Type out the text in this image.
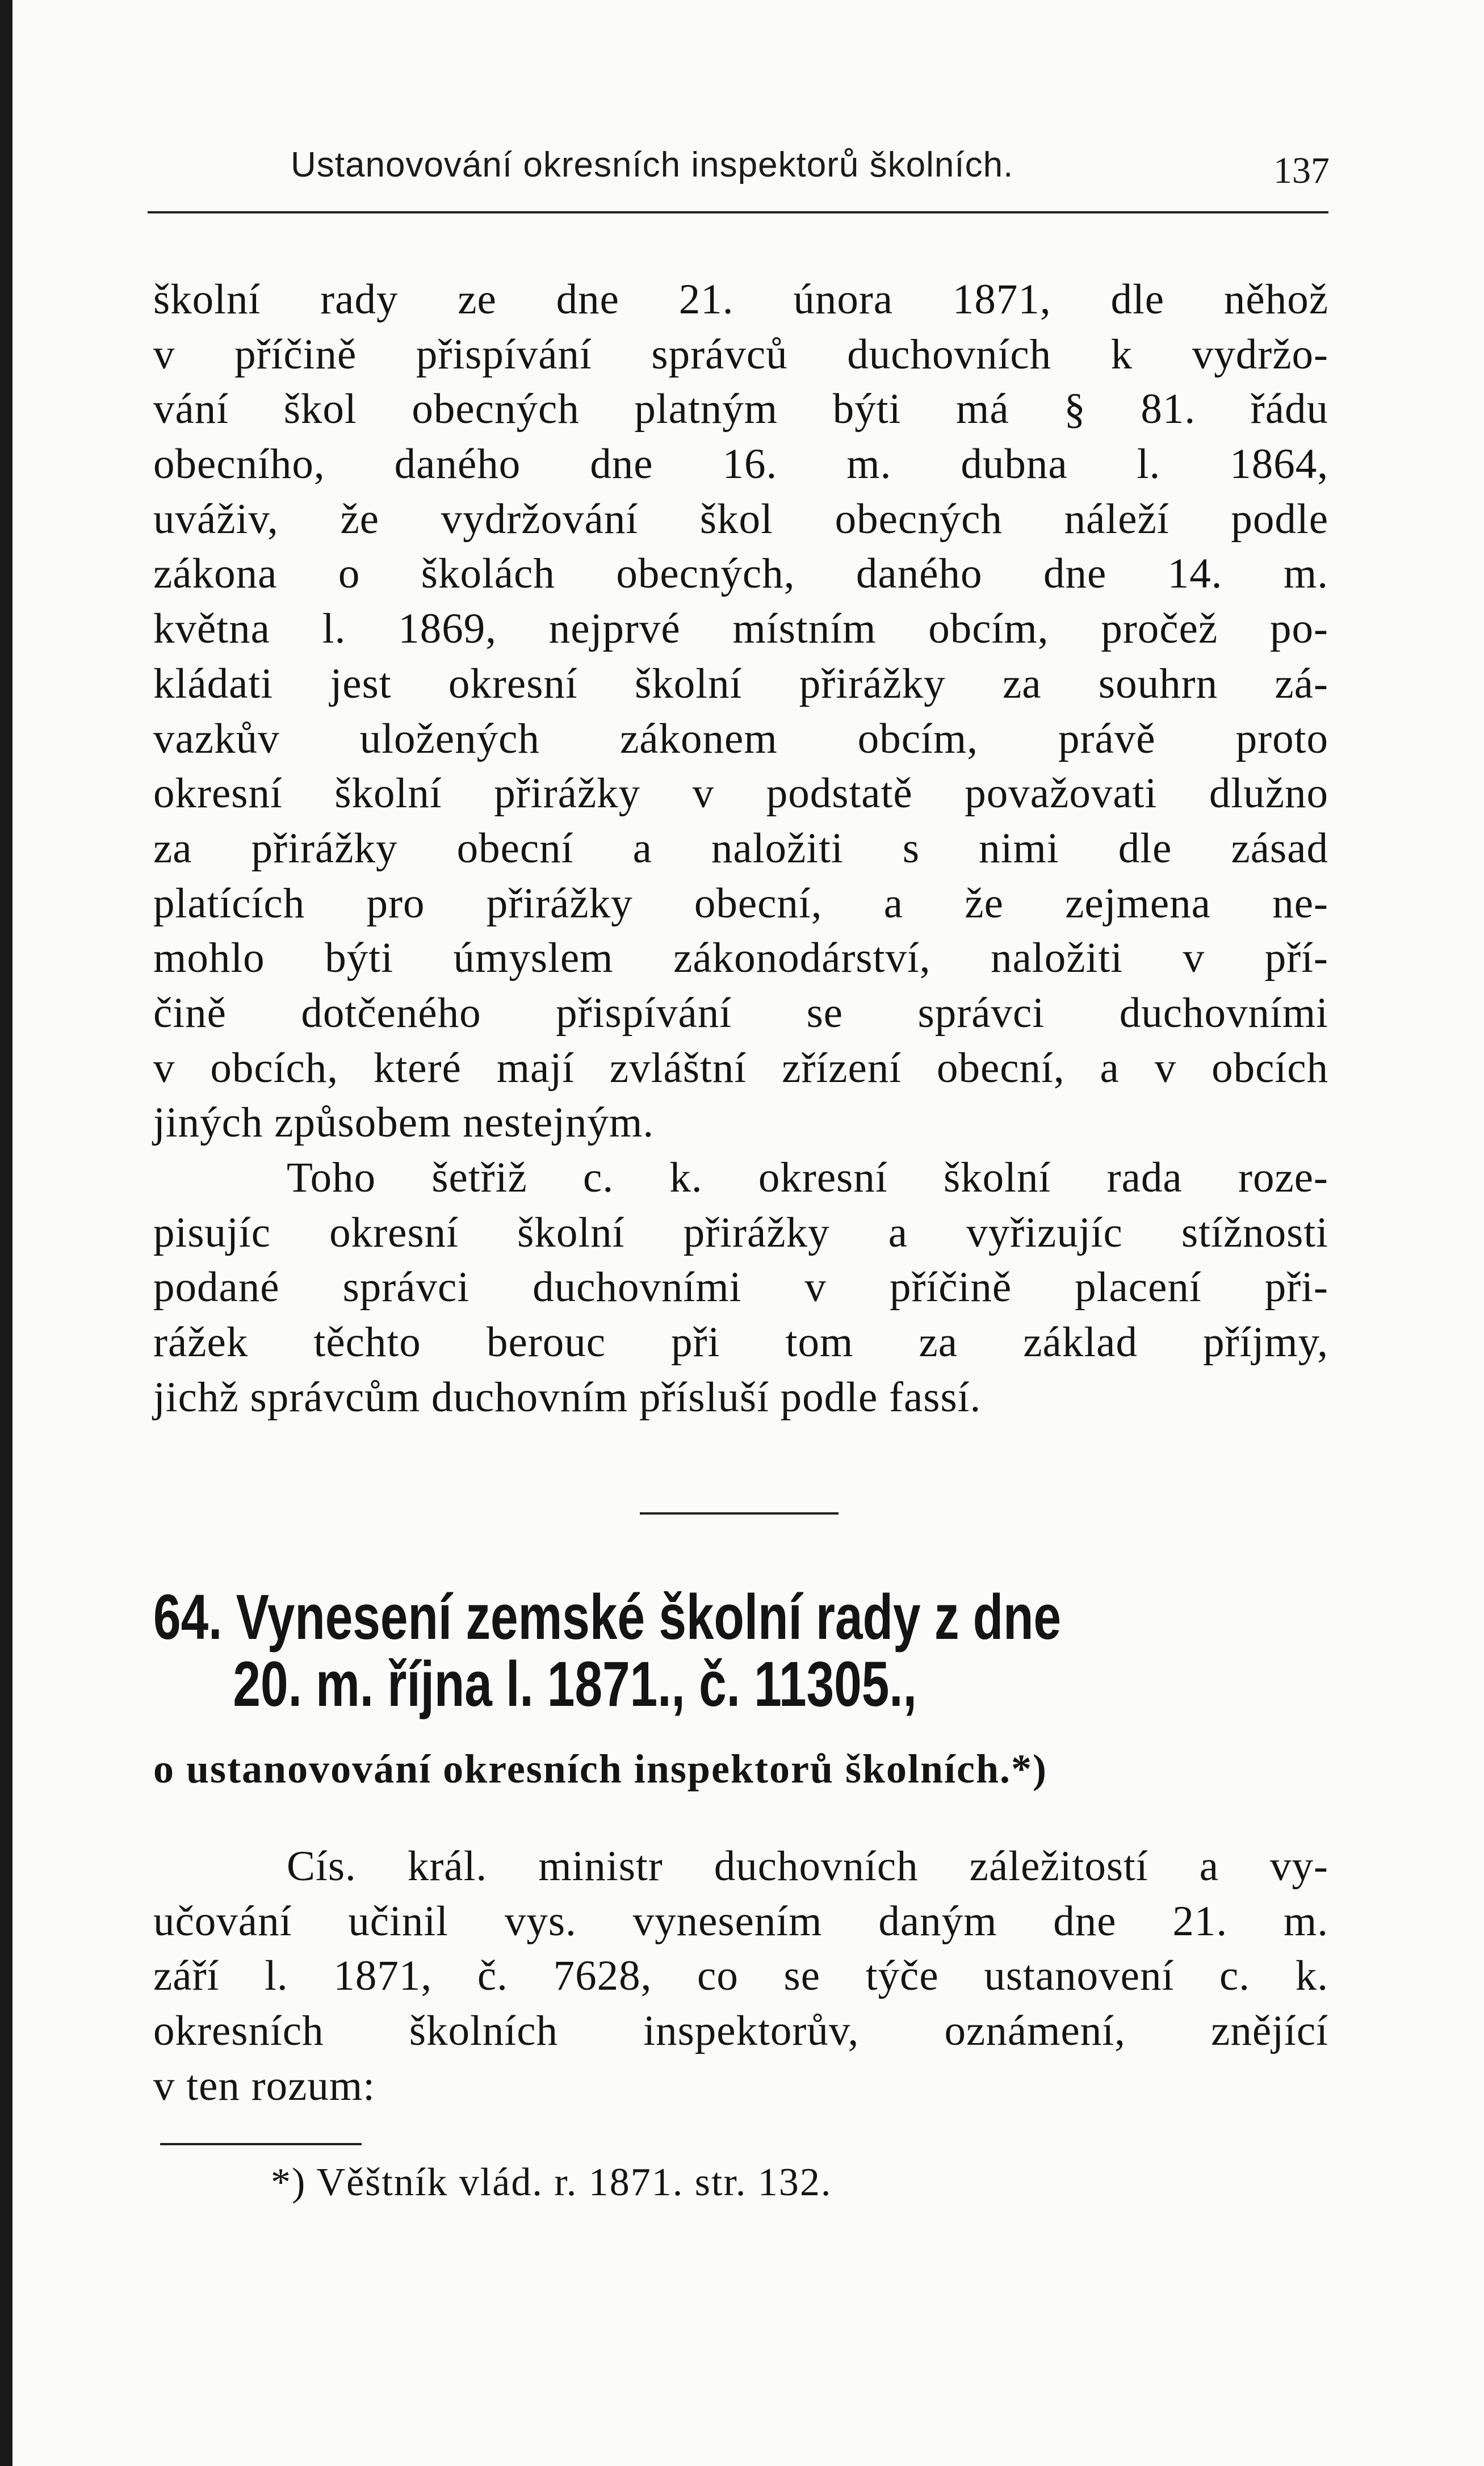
Ustanovování okresních inspektorů školních.	137
školní rady ze dne 21. února 1871, dle něhož
v příčině přispívání správců duchovních k vydržo-
vání škol obecných platným býti má § 81. řádu
obecního, daného dne 16. m. dubna l. 1864,
uváživ, že vydržování škol obecných náleží podle
zákona o školách obecných, daného dne 14. m.
května l. 1869, nejprvé místním obcím, pročež po-
kládati jest okresní školní přirážky za souhrn zá-
vazkův uložených zákonem obcím, právě proto
okresní školní přirážky v podstatě považovati dlužno
za přirážky obecní a naložiti s nimi dle zásad
platících pro přirážky obecní, a že zejmena ne-
mohlo býti úmyslem zákonodárství, naložiti v pří-
čině dotčeného přispívání se správci duchovními
v obcích, které mají zvláštní zřízení obecní, a v obcích
jiných způsobem nestejným.
Toho šetřiž c. k. okresní školní rada roze-
pisujíc okresní školní přirážky a vyřizujíc stížnosti
podané správci duchovními v příčině placení při-
rážek těchto berouc při tom za základ příjmy,
jichž správcům duchovním přísluší podle fassí.
64. Vynesení zemské školní rady z dne
20. m. října l. 1871., č. 11305.,
o ustanovování okresních inspektorů školních.*)
Cís. král. ministr duchovních záležitostí a vy-
učování učinil vys. vynesením daným dne 21. m.
září l. 1871, č. 7628, co se týče ustanovení c. k.
okresních školních inspektorův, oznámení, znějící
v ten rozum:
*) Věštník vlád. r. 1871. str. 132.
